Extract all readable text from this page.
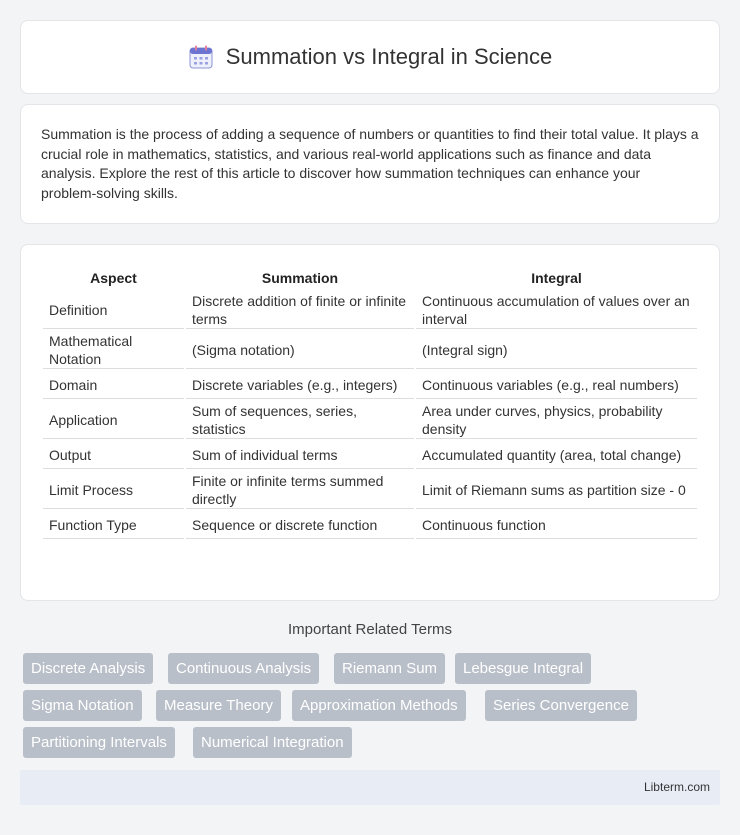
Summation vs Integral in Science

Summation is the process of adding a sequence of numbers or quantities to find their total value. It plays a crucial role in mathematics, statistics, and various real-world applications such as finance and data analysis. Explore the rest of this article to discover how summation techniques can enhance your problem-solving skills.

Aspect	Summation	Integral
Definition	Discrete addition of finite or infinite terms	Continuous accumulation of values over an interval
Mathematical Notation	(Sigma notation)	(Integral sign)
Domain	Discrete variables (e.g., integers)	Continuous variables (e.g., real numbers)
Application	Sum of sequences, series, statistics	Area under curves, physics, probability density
Output	Sum of individual terms	Accumulated quantity (area, total change)
Limit Process	Finite or infinite terms summed directly	Limit of Riemann sums as partition size - 0
Function Type	Sequence or discrete function	Continuous function
Important Related Terms
Discrete Analysis	Continuous Analysis	Riemann Sum	Lebesgue Integral
Sigma Notation	Measure Theory	Approximation Methods	Series Convergence
Partitioning Intervals	Numerical Integration
Libterm.com
